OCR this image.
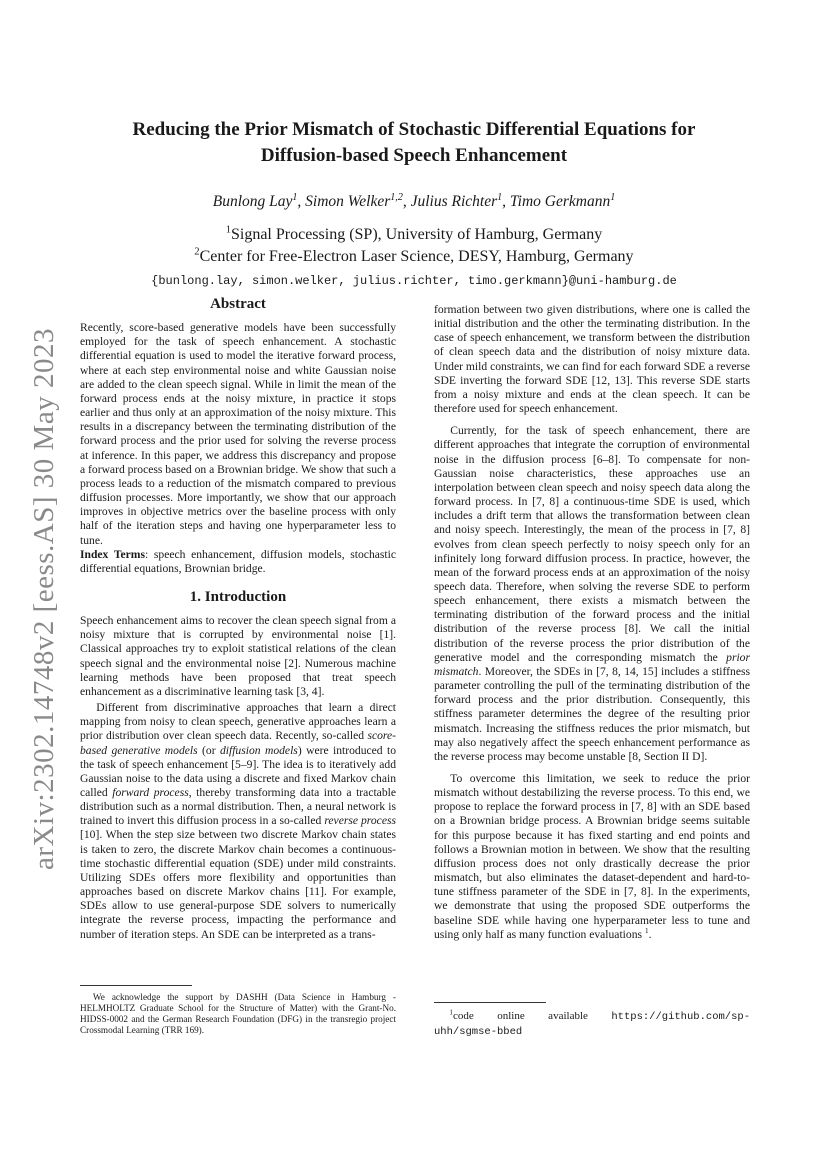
arXiv:2302.14748v2 [eess.AS] 30 May 2023
Reducing the Prior Mismatch of Stochastic Differential Equations for
Diffusion-based Speech Enhancement
Bunlong Lay$^1$, Simon Welker$^{1,2}$, Julius Richter$^1$, Timo Gerkmann$^1$
$^1$Signal Processing (SP), University of Hamburg, Germany
$^2$Center for Free-Electron Laser Science, DESY, Hamburg, Germany
{bunlong.lay, simon.welker, julius.richter, timo.gerkmann}@uni-hamburg.de
Abstract

Recently, score-based generative models have been successfully employed for the task of speech enhancement. A stochastic differential equation is used to model the iterative forward process, where at each step environmental noise and white Gaussian noise are added to the clean speech signal. While in limit the mean of the forward process ends at the noisy mixture, in practice it stops earlier and thus only at an approximation of the noisy mixture. This results in a discrepancy between the terminating distribution of the forward process and the prior used for solving the reverse process at inference. In this paper, we address this discrepancy and propose a forward process based on a Brownian bridge. We show that such a process leads to a reduction of the mismatch compared to previous diffusion processes. More importantly, we show that our approach improves in objective metrics over the baseline process with only half of the iteration steps and having one hyperparameter less to tune.

Index Terms: speech enhancement, diffusion models, stochastic differential equations, Brownian bridge.

1. Introduction

Speech enhancement aims to recover the clean speech signal from a noisy mixture that is corrupted by environmental noise [1]. Classical approaches try to exploit statistical relations of the clean speech signal and the environmental noise [2]. Numerous machine learning methods have been proposed that treat speech enhancement as a discriminative learning task [3, 4].

Different from discriminative approaches that learn a direct mapping from noisy to clean speech, generative approaches learn a prior distribution over clean speech data. Recently, so-called score-based generative models (or diffusion models) were introduced to the task of speech enhancement [5–9]. The idea is to iteratively add Gaussian noise to the data using a discrete and fixed Markov chain called forward process, thereby transforming data into a tractable distribution such as a normal distribution. Then, a neural network is trained to invert this diffusion process in a so-called reverse process [10]. When the step size between two discrete Markov chain states is taken to zero, the discrete Markov chain becomes a continuous-time stochastic differential equation (SDE) under mild constraints. Utilizing SDEs offers more flexibility and opportunities than approaches based on discrete Markov chains [11]. For example, SDEs allow to use general-purpose SDE solvers to numerically integrate the reverse process, impacting the performance and number of iteration steps. An SDE can be interpreted as a trans-

We acknowledge the support by DASHH (Data Science in Hamburg - HELMHOLTZ Graduate School for the Structure of Matter) with the Grant-No. HIDSS-0002 and the German Research Foundation (DFG) in the transregio project Crossmodal Learning (TRR 169).

formation between two given distributions, where one is called the initial distribution and the other the terminating distribution. In the case of speech enhancement, we transform between the distribution of clean speech data and the distribution of noisy mixture data. Under mild constraints, we can find for each forward SDE a reverse SDE inverting the forward SDE [12, 13]. This reverse SDE starts from a noisy mixture and ends at the clean speech. It can be therefore used for speech enhancement.

Currently, for the task of speech enhancement, there are different approaches that integrate the corruption of environmental noise in the diffusion process [6–8]. To compensate for non-Gaussian noise characteristics, these approaches use an interpolation between clean speech and noisy speech data along the forward process. In [7, 8] a continuous-time SDE is used, which includes a drift term that allows the transformation between clean and noisy speech. Interestingly, the mean of the process in [7, 8] evolves from clean speech perfectly to noisy speech only for an infinitely long forward diffusion process. In practice, however, the mean of the forward process ends at an approximation of the noisy speech data. Therefore, when solving the reverse SDE to perform speech enhancement, there exists a mismatch between the terminating distribution of the forward process and the initial distribution of the reverse process [8]. We call the initial distribution of the reverse process the prior distribution of the generative model and the corresponding mismatch the prior mismatch. Moreover, the SDEs in [7, 8, 14, 15] includes a stiffness parameter controlling the pull of the terminating distribution of the forward process and the prior distribution. Consequently, this stiffness parameter determines the degree of the resulting prior mismatch. Increasing the stiffness reduces the prior mismatch, but may also negatively affect the speech enhancement performance as the reverse process may become unstable [8, Section II D].

To overcome this limitation, we seek to reduce the prior mismatch without destabilizing the reverse process. To this end, we propose to replace the forward process in [7, 8] with an SDE based on a Brownian bridge process. A Brownian bridge seems suitable for this purpose because it has fixed starting and end points and follows a Brownian motion in between. We show that the resulting diffusion process does not only drastically decrease the prior mismatch, but also eliminates the dataset-dependent and hard-to-tune stiffness parameter of the SDE in [7, 8]. In the experiments, we demonstrate that using the proposed SDE outperforms the baseline SDE while having one hyperparameter less to tune and using only half as many function evaluations $^1$.

$^1$code online available https://github.com/sp-uhh/sgmse-bbed
